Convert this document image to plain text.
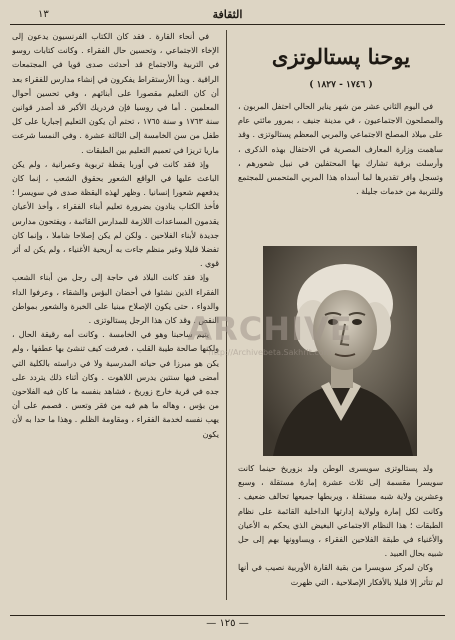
١٣	الثقافة

في أنحاء القارة . فقد كان الكتاب الفرنسيون يدعون إلى الإخاء الاجتماعي ، وتحسين حال الفقراء . وكانت كتابات روسو في التربية والاجتماع قد أحدثت صدى قويا في المجتمعات الراقية . وبدأ الأرستقراط يفكرون في إنشاء مدارس للفقراء بعد أن كان التعليم مقصورا على أبنائهم ، وفي تحسين أحوال المعلمين . أما في روسيا فإن فردريك الأكبر قد أصدر قوانين سنة ١٧٦٣ و سنة ١٧٦٥ ، تحتم أن يكون التعليم إجباريا على كل طفل من سن الخامسة إلى الثالثة عشرة . وفي النمسا شرعت ماريا تريزا في تعميم التعليم بين الطبقات .

وإذ فقد كانت في أوربا يقظة تربوية وعمرانية ، ولم يكن الباعث عليها في الواقع الشعور بحقوق الشعب ، إنما كان يدفعهم شعورا إنسانيا . وظهر لهذه اليقظة صدى في سويسرا ؛ فأخذ الكتاب ينادون بضرورة تعليم أبناء الفقراء ، وأخذ الأعيان يقدمون المساعدات اللازمة للمدارس القائمة ، ويفتحون مدارس جديدة لأبناء الفلاحين . ولكن لم يكن إصلاحا شاملا ، وإنما كان تفضلا قليلا وغير منظم جاءت به أريحية الأغنياء ، ولم يكن له أثر قوي .

وإذ فقد كانت البلاد في حاجة إلى رجل من أبناء الشعب الفقراء الذين نشئوا في أحضان البؤس والشقاء ، وعرفوا الداء والدواء ، حتى يكون الإصلاح مبنيا على الخبرة والشعور بمواطن النقص . وقد كان هذا الرجل پستالوتزى .

يتيم ساحبنا وهو في الخامسة . وكانت أمه رقيقة الحال ، ولكنها صالحة طيبة القلب ، فعرفت كيف تنشئ بها عطفها ، ولم يكن هو مبرزا في حياته المدرسية ولا في دراسته بالكلية التي أمضى فيها سنتين يدرس اللاهوت . وكان أثناء ذلك يتردد على جده في قرية خارج زوريخ ، فشاهد بنفسه ما كان فيه الفلاحون من بؤس ، وهاله ما هم فيه من فقر وتعس . فصمم على أن يهب نفسه لخدمة الفقراء ، ومقاومة الظلم . وهذا ما حدا به لأن يكون

يوحنا پستالوتزى
( ١٧٤٦ - ١٨٢٧ )

في اليوم الثاني عشر من شهر يناير الحالي احتفل المربون ، والمصلحون الاجتماعيون ، في مدينة جنيف ، بمرور مائتي عام على ميلاد المصلح الاجتماعي والمربي المعظم پستالوتزى . وقد ساهمت وزارة المعارف المصرية في الاحتفال بهذه الذكرى ، وأرسلت برقية تشارك بها المحتفلين في نبيل شعورهم ، وتسجل وافر تقديرها لما أسداه هذا المربي المتحمس للمجتمع وللتربية من خدمات جليلة .

ولد پستالوتزى سويسرى الوطن ولد بزوريخ حينما كانت سويسرا مقسمة إلى ثلاث عشرة إمارة مستقلة ، وسبع وعشرين ولاية شبه مستقلة ، ويربطها جميعها تحالف ضعيف . وكانت لكل إمارة ولولاية إدارتها الداخلية القائمة على نظام الطبقات ؛ هذا النظام الاجتماعي البغيض الذي يحكم به الأعيان والأغنياء في طبقة الفلاحين الفقراء ، ويساوونها بهم إلى حل شبيه بحال العبيد .

وكان لمركز سويسرا من بقية القارة الأوربية نصيب في أنها لم تتأثر إلا قليلا بالأفكار الإصلاحية ، التي ظهرت

ARCHIVE
http://Archivebeta.Sakhrit.com
— ١٢٥ —
